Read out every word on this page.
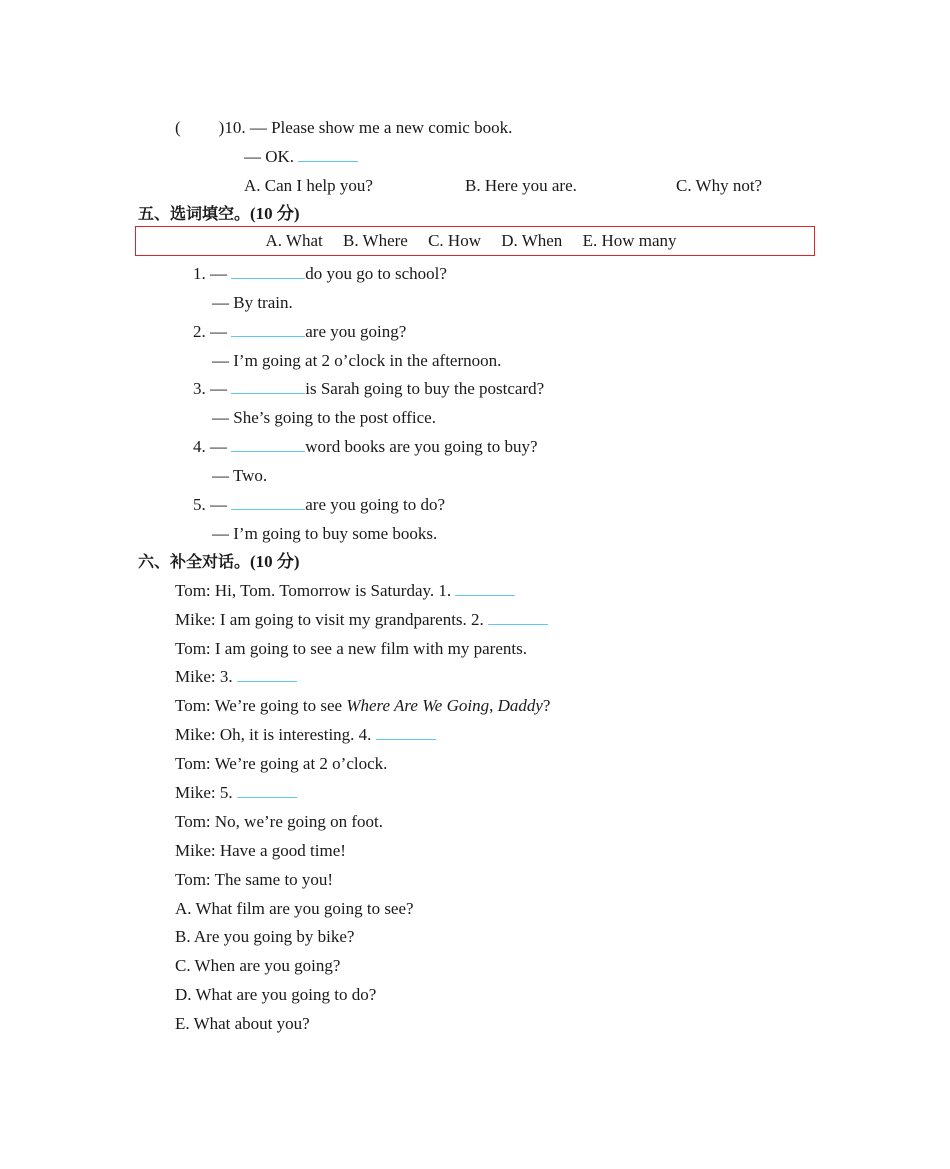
( )10. — Please show me a new comic book.
— OK.
A. Can I help you?	B. Here you are.	C. Why not?
五、选词填空。(10 分)
A. What B. Where C. How D. When E. How many
1. —	do you go to school?
— By train.
2. —	are you going?
— I’m going at 2 o’clock in the afternoon.
3. —	is Sarah going to buy the postcard?
— She’s going to the post office.
4. —	word books are you going to buy?
— Two.
5. —	are you going to do?
— I’m going to buy some books.
六、补全对话。(10 分)
Tom: Hi, Tom. Tomorrow is Saturday. 1.
Mike: I am going to visit my grandparents. 2.
Tom: I am going to see a new film with my parents.
Mike: 3.
Tom: We’re going to see Where Are We Going, Daddy?
Mike: Oh, it is interesting. 4.
Tom: We’re going at 2 o’clock.
Mike: 5.
Tom: No, we’re going on foot.
Mike: Have a good time!
Tom: The same to you!
A. What film are you going to see?
B. Are you going by bike?
C. When are you going?
D. What are you going to do?
E. What about you?
